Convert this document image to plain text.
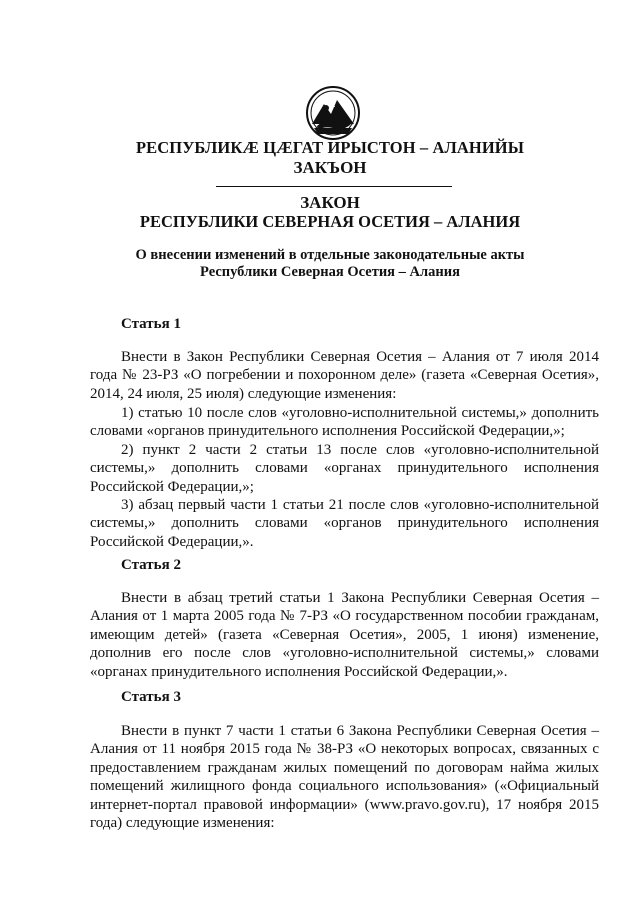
РЕСПУБЛИКÆ ЦÆГАТ ИРЫСТОН – АЛАНИЙЫ
ЗАКЪОН
ЗАКОН
РЕСПУБЛИКИ СЕВЕРНАЯ ОСЕТИЯ – АЛАНИЯ
О внесении изменений в отдельные законодательные акты
Республики Северная Осетия – Алания
Статья 1
Внести в Закон Республики Северная Осетия – Алания от 7 июля 2014 года № 23-РЗ «О погребении и похоронном деле» (газета «Северная Осетия», 2014, 24 июля, 25 июля) следующие изменения:
1) статью 10 после слов «уголовно-исполнительной системы,» дополнить словами «органов принудительного исполнения Российской Федерации,»;
2) пункт 2 части 2 статьи 13 после слов «уголовно-исполнительной системы,» дополнить словами «органах принудительного исполнения Российской Федерации,»;
3) абзац первый части 1 статьи 21 после слов «уголовно-исполнительной системы,» дополнить словами «органов принудительного исполнения Российской Федерации,».
Статья 2
Внести в абзац третий статьи 1 Закона Республики Северная Осетия – Алания от 1 марта 2005 года № 7-РЗ «О государственном пособии гражданам, имеющим детей» (газета «Северная Осетия», 2005, 1 июня) изменение, дополнив его после слов «уголовно-исполнительной системы,» словами «органах принудительного исполнения Российской Федерации,».
Статья 3
Внести в пункт 7 части 1 статьи 6 Закона Республики Северная Осетия – Алания от 11 ноября 2015 года № 38-РЗ «О некоторых вопросах, связанных с предоставлением гражданам жилых помещений по договорам найма жилых помещений жилищного фонда социального использования» («Официальный интернет-портал правовой информации» (www.pravo.gov.ru), 17 ноября 2015 года) следующие изменения:
